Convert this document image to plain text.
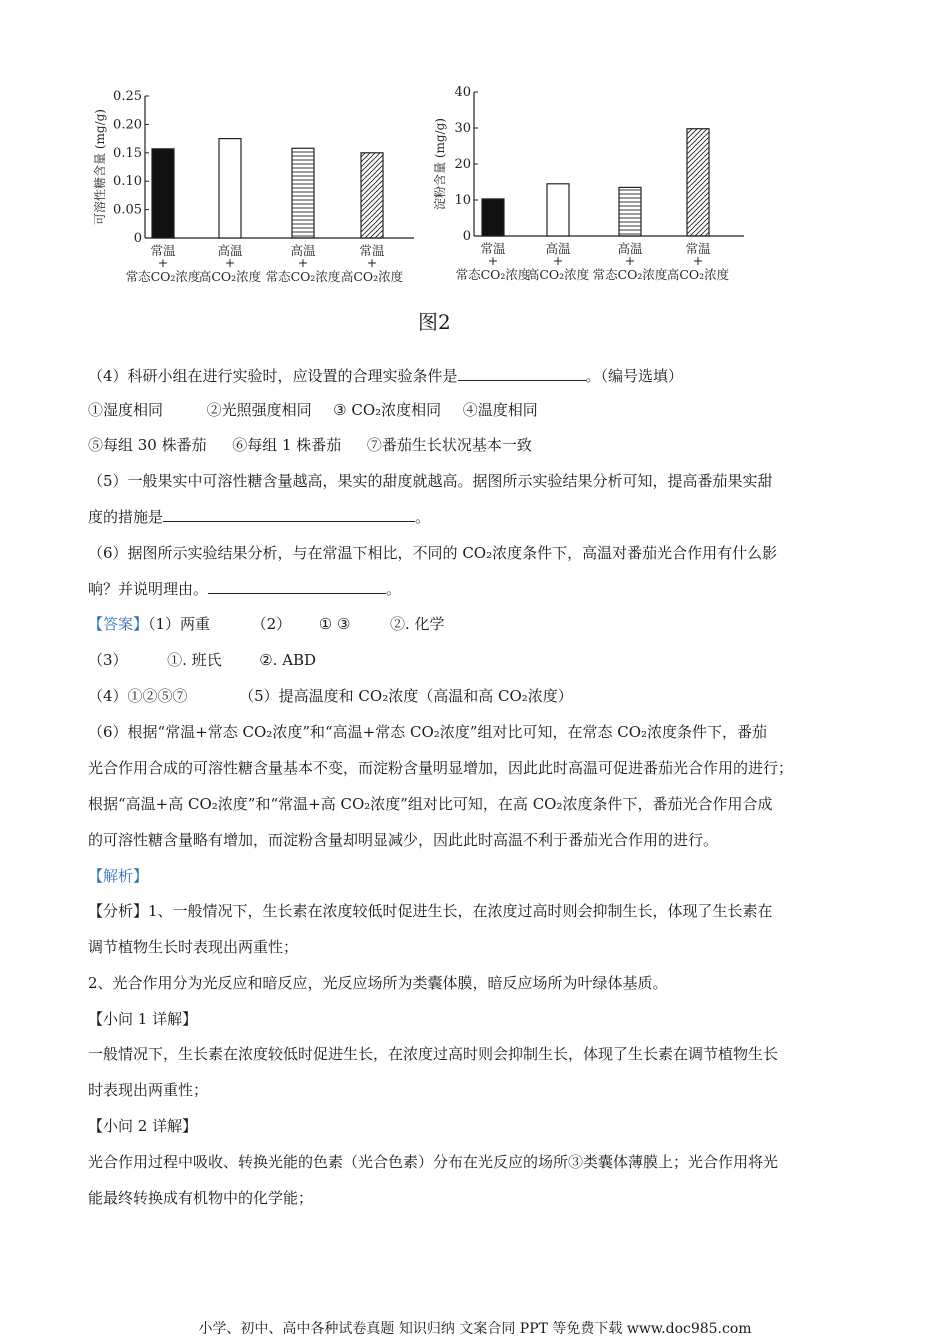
0
0.05
0.10
0.15
0.20
0.25
可溶性糖含量 (mg/g)
常温
+
常态CO₂浓度
高温
+
高CO₂浓度
高温
+
常态CO₂浓度
常温
+
高CO₂浓度
0
10
20
30
40
淀粉含量 (mg/g)
常温
+
常态CO₂浓度
高温
+
高CO₂浓度
高温
+
常态CO₂浓度
常温
+
高CO₂浓度
图2
（4）科研小组在进行实验时，应设置的合理实验条件是	。（编号选填）
①湿度相同	②光照强度相同 ③ CO₂浓度相同 ④温度相同
⑤每组 30 株番茄 ⑥每组 1 株番茄 ⑦番茄生长状况基本一致
（5）一般果实中可溶性糖含量越高，果实的甜度就越高。据图所示实验结果分析可知，提高番茄果实甜
度的措施是	。
（6）据图所示实验结果分析，与在常温下相比，不同的 CO₂浓度条件下，高温对番茄光合作用有什么影
响？并说明理由。	。
【答案】（1）两重	（2） ① ③	②. 化学
（3）	①. 班氏	②. ABD
（4）①②⑤⑦	（5）提高温度和 CO₂浓度（高温和高 CO₂浓度）
（6）根据“常温+常态 CO₂浓度”和“高温+常态 CO₂浓度”组对比可知，在常态 CO₂浓度条件下，番茄
光合作用合成的可溶性糖含量基本不变，而淀粉含量明显增加，因此此时高温可促进番茄光合作用的进行；
根据“高温+高 CO₂浓度”和“常温+高 CO₂浓度”组对比可知，在高 CO₂浓度条件下，番茄光合作用合成
的可溶性糖含量略有增加，而淀粉含量却明显减少，因此此时高温不利于番茄光合作用的进行。
【解析】
【分析】1、一般情况下，生长素在浓度较低时促进生长，在浓度过高时则会抑制生长，体现了生长素在
调节植物生长时表现出两重性；
2、光合作用分为光反应和暗反应，光反应场所为类囊体膜，暗反应场所为叶绿体基质。
【小问 1 详解】
一般情况下，生长素在浓度较低时促进生长，在浓度过高时则会抑制生长，体现了生长素在调节植物生长
时表现出两重性；
【小问 2 详解】
光合作用过程中吸收、转换光能的色素（光合色素）分布在光反应的场所③类囊体薄膜上；光合作用将光
能最终转换成有机物中的化学能；
小学、初中、高中各种试卷真题 知识归纳 文案合同 PPT 等免费下载 www.doc985.com
